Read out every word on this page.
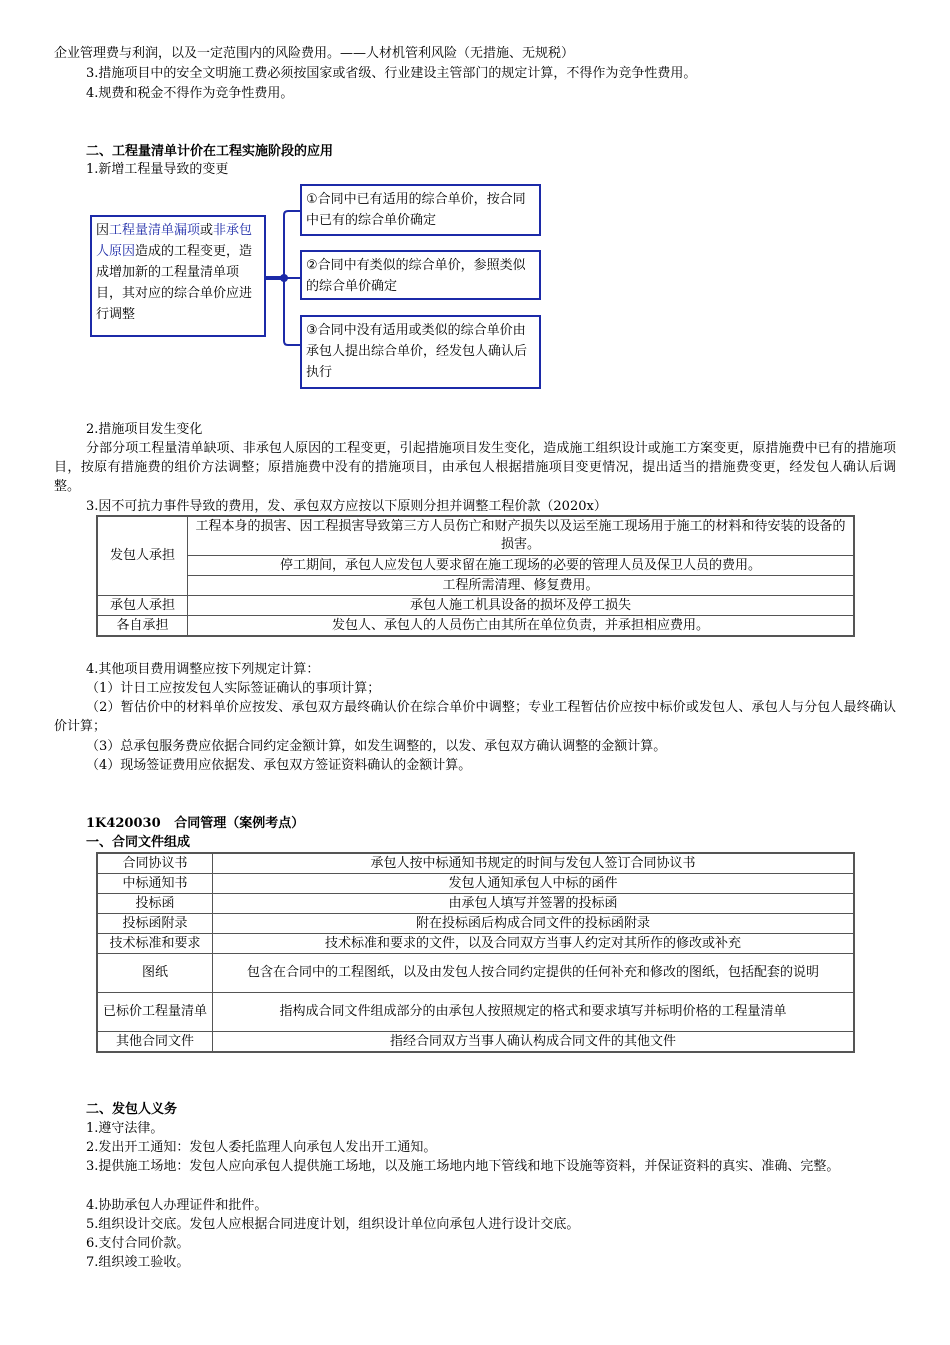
企业管理费与利润，以及一定范围内的风险费用。——人材机管利风险（无措施、无规税）
3.措施项目中的安全文明施工费必须按国家或省级、行业建设主管部门的规定计算，不得作为竞争性费用。
4.规费和税金不得作为竞争性费用。
二、工程量清单计价在工程实施阶段的应用
1.新增工程量导致的变更
因工程量清单漏项或非承包人原因造成的工程变更，造成增加新的工程量清单项目，其对应的综合单价应进行调整
①合同中已有适用的综合单价，按合同中已有的综合单价确定
②合同中有类似的综合单价，参照类似的综合单价确定
③合同中没有适用或类似的综合单价由承包人提出综合单价，经发包人确认后执行
2.措施项目发生变化
分部分项工程量清单缺项、非承包人原因的工程变更，引起措施项目发生变化，造成施工组织设计或施工方案变更，原措施费中已有的措施项目，按原有措施费的组价方法调整；原措施费中没有的措施项目，由承包人根据措施项目变更情况，提出适当的措施费变更，经发包人确认后调整。
3.因不可抗力事件导致的费用，发、承包双方应按以下原则分担并调整工程价款（2020x）
发包人承担	工程本身的损害、因工程损害导致第三方人员伤亡和财产损失以及运至施工现场用于施工的材料和待安装的设备的损害。
	停工期间，承包人应发包人要求留在施工现场的必要的管理人员及保卫人员的费用。
	工程所需清理、修复费用。
承包人承担	承包人施工机具设备的损坏及停工损失
各自承担	发包人、承包人的人员伤亡由其所在单位负责，并承担相应费用。
4.其他项目费用调整应按下列规定计算：
（1）计日工应按发包人实际签证确认的事项计算；
（2）暂估价中的材料单价应按发、承包双方最终确认价在综合单价中调整；专业工程暂估价应按中标价或发包人、承包人与分包人最终确认价计算；
（3）总承包服务费应依据合同约定金额计算，如发生调整的，以发、承包双方确认调整的金额计算。
（4）现场签证费用应依据发、承包双方签证资料确认的金额计算。
1K420030 合同管理（案例考点）
一、合同文件组成
合同协议书	承包人按中标通知书规定的时间与发包人签订合同协议书
中标通知书	发包人通知承包人中标的函件
投标函	由承包人填写并签署的投标函
投标函附录	附在投标函后构成合同文件的投标函附录
技术标准和要求	技术标准和要求的文件，以及合同双方当事人约定对其所作的修改或补充
图纸	包含在合同中的工程图纸，以及由发包人按合同约定提供的任何补充和修改的图纸，包括配套的说明
已标价工程量清单	指构成合同文件组成部分的由承包人按照规定的格式和要求填写并标明价格的工程量清单
其他合同文件	指经合同双方当事人确认构成合同文件的其他文件
二、发包人义务
1.遵守法律。
2.发出开工通知：发包人委托监理人向承包人发出开工通知。
3.提供施工场地：发包人应向承包人提供施工场地，以及施工场地内地下管线和地下设施等资料，并保证资料的真实、准确、完整。
4.协助承包人办理证件和批件。
5.组织设计交底。发包人应根据合同进度计划，组织设计单位向承包人进行设计交底。
6.支付合同价款。
7.组织竣工验收。
